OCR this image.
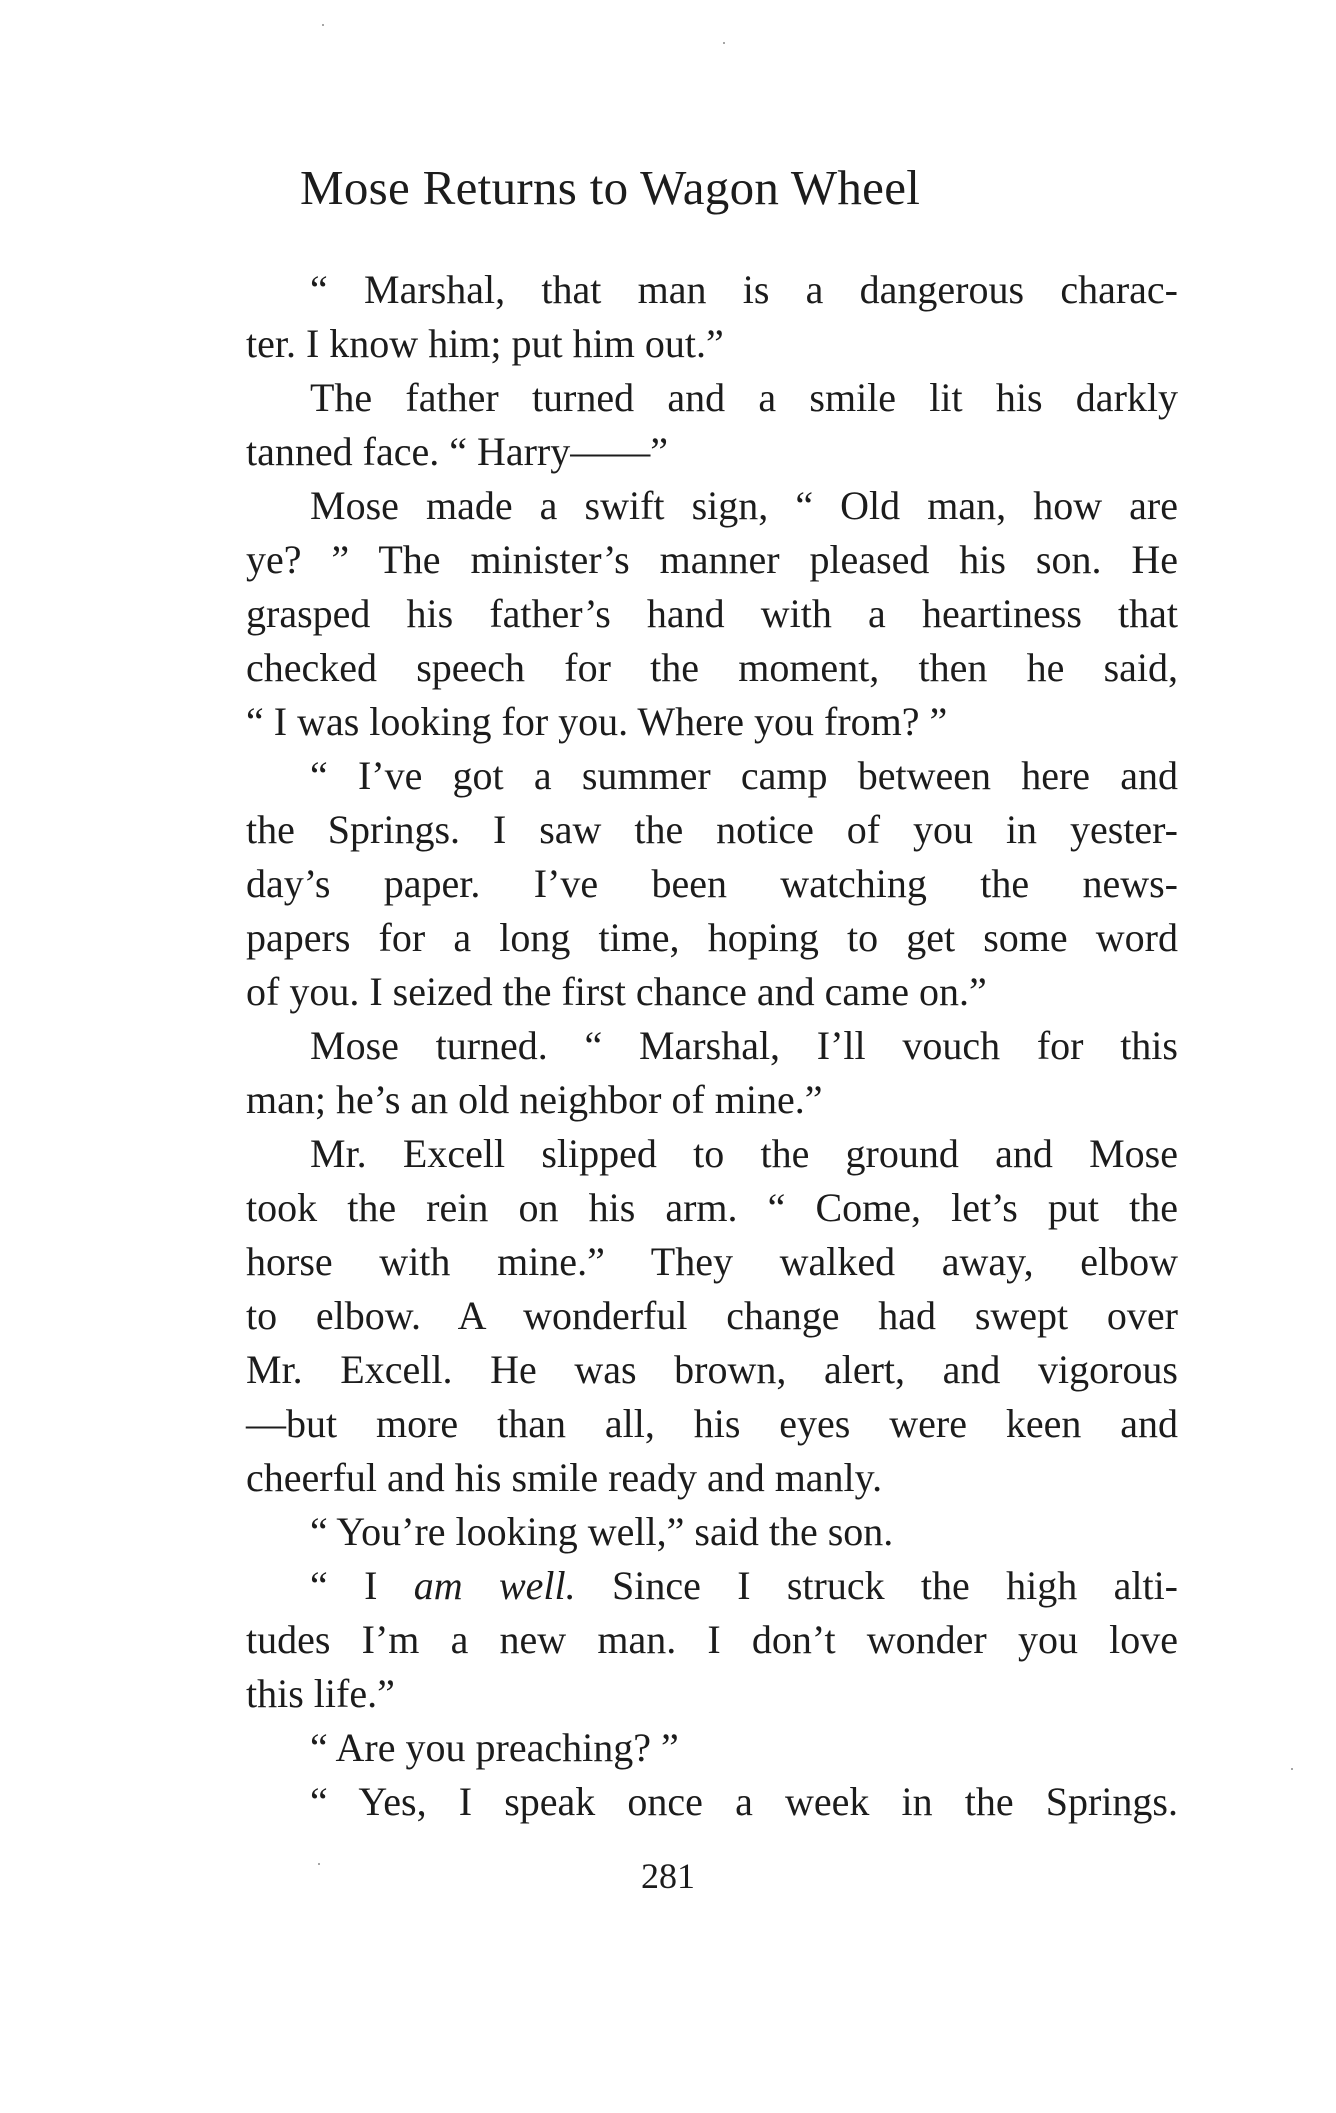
Mose Returns to Wagon Wheel

“ Marshal, that man is a dangerous charac-

ter. I know him; put him out.”

The father turned and a smile lit his darkly

tanned face. “ Harry——”

Mose made a swift sign, “ Old man, how are

ye? ” The minister’s manner pleased his son. He

grasped his father’s hand with a heartiness that

checked speech for the moment, then he said,

“ I was looking for you. Where you from? ”

“ I’ve got a summer camp between here and

the Springs. I saw the notice of you in yester-

day’s paper. I’ve been watching the news-

papers for a long time, hoping to get some word

of you. I seized the first chance and came on.”

Mose turned. “ Marshal, I’ll vouch for this

man; he’s an old neighbor of mine.”

Mr. Excell slipped to the ground and Mose

took the rein on his arm. “ Come, let’s put the

horse with mine.” They walked away, elbow

to elbow. A wonderful change had swept over

Mr. Excell. He was brown, alert, and vigorous

—but more than all, his eyes were keen and

cheerful and his smile ready and manly.

“ You’re looking well,” said the son.

“ I am well. Since I struck the high alti-

tudes I’m a new man. I don’t wonder you love

this life.”

“ Are you preaching? ”

“ Yes, I speak once a week in the Springs.

281
